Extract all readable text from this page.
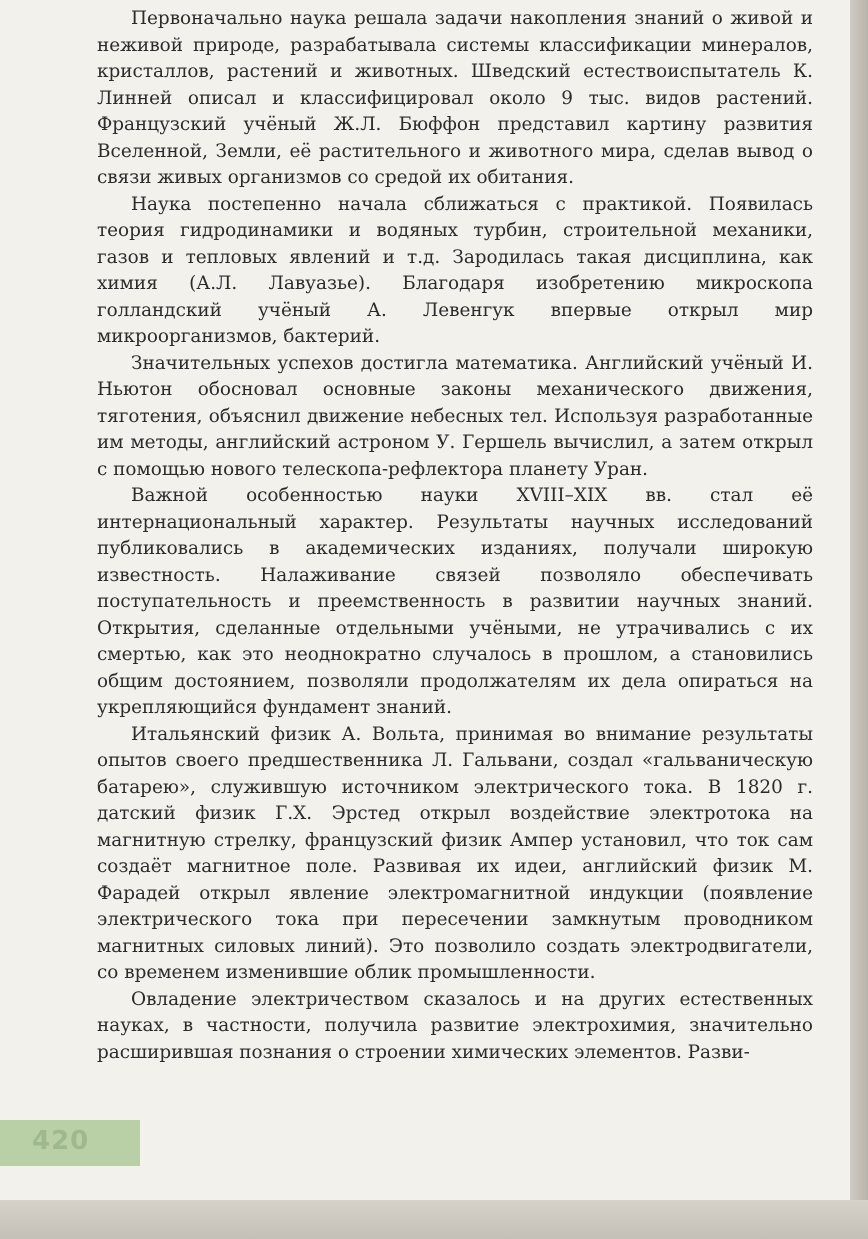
Первоначально наука решала задачи накопления знаний о живой и неживой природе, разрабатывала системы классификации минералов, кристаллов, растений и животных. Шведский естествоиспытатель К. Линней описал и классифицировал около 9 тыс. видов растений. Французский учёный Ж.Л. Бюффон представил картину развития Вселенной, Земли, её растительного и животного мира, сделав вывод о связи живых организмов со средой их обитания.

Наука постепенно начала сближаться с практикой. Появилась теория гидродинамики и водяных турбин, строительной механики, газов и тепловых явлений и т.д. Зародилась такая дисциплина, как химия (А.Л. Лавуазье). Благодаря изобретению микроскопа голландский учёный А. Левенгук впервые открыл мир микроорганизмов, бактерий.

Значительных успехов достигла математика. Английский учёный И. Ньютон обосновал основные законы механического движения, тяготения, объяснил движение небесных тел. Используя разработанные им методы, английский астроном У. Гершель вычислил, а затем открыл с помощью нового телескопа-рефлектора планету Уран.

Важной особенностью науки XVIII–XIX вв. стал её интернациональный характер. Результаты научных исследований публиковались в академических изданиях, получали широкую известность. Налаживание связей позволяло обеспечивать поступательность и преемственность в развитии научных знаний. Открытия, сделанные отдельными учёными, не утрачивались с их смертью, как это неоднократно случалось в прошлом, а становились общим достоянием, позволяли продолжателям их дела опираться на укрепляющийся фундамент знаний.

Итальянский физик А. Вольта, принимая во внимание результаты опытов своего предшественника Л. Гальвани, создал «гальваническую батарею», служившую источником электрического тока. В 1820 г. датский физик Г.Х. Эрстед открыл воздействие электротока на магнитную стрелку, французский физик Ампер установил, что ток сам создаёт магнитное поле. Развивая их идеи, английский физик М. Фарадей открыл явление электромагнитной индукции (появление электрического тока при пересечении замкнутым проводником магнитных силовых линий). Это позволило создать электродвигатели, со временем изменившие облик промышленности.

Овладение электричеством сказалось и на других естественных науках, в частности, получила развитие электрохимия, значительно расширившая познания о строении химических элементов. Разви-

420
